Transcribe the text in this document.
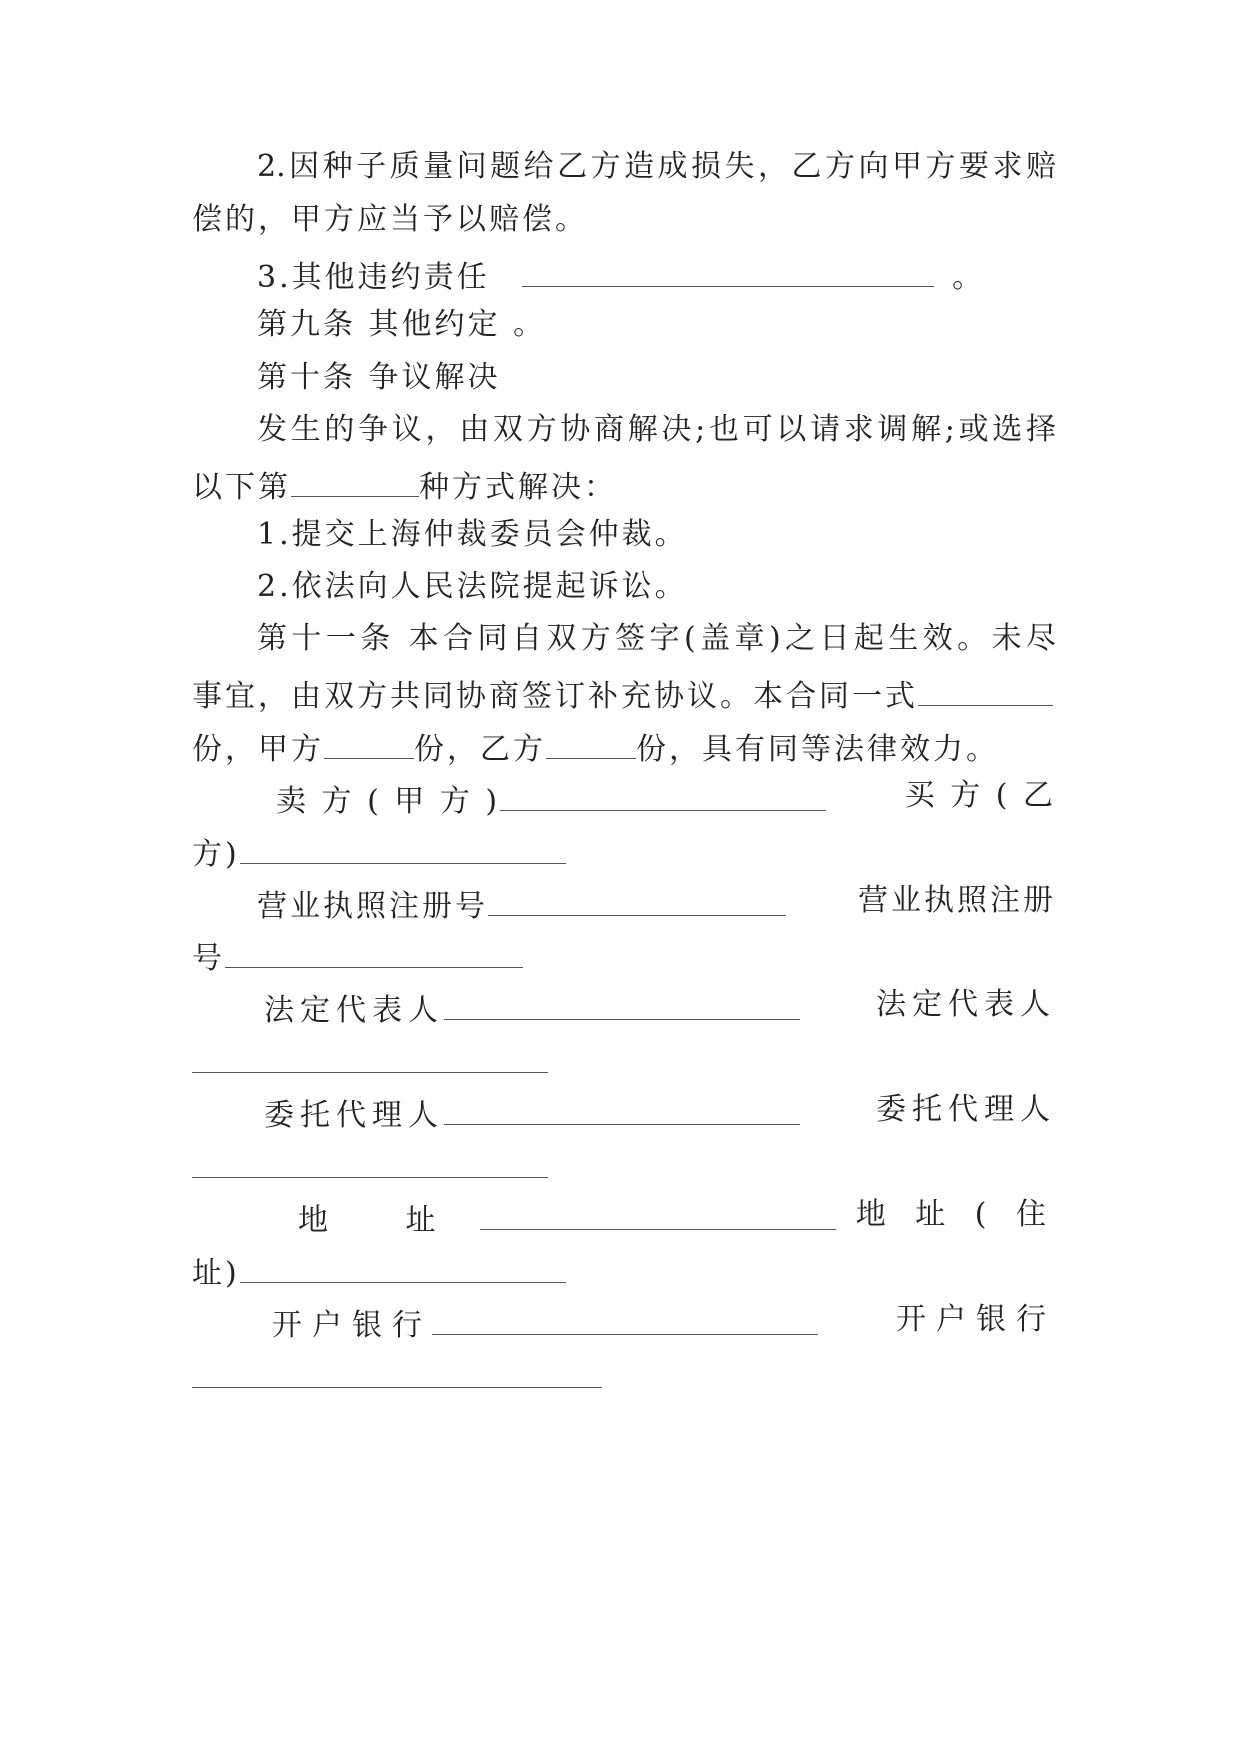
2.因种子质量问题给乙方造成损失，乙方向甲方要求赔
偿的，甲方应当予以赔偿。
3.其他违约责任	。
第九条 其他约定 。
第十条 争议解决
发生的争议，由双方协商解决;也可以请求调解;或选择
以下第	种方式解决：
1.提交上海仲裁委员会仲裁。
2.依法向人民法院提起诉讼。
第十一条 本合同自双方签字(盖章)之日起生效。未尽
事宜，由双方共同协商签订补充协议。本合同一式
份，甲方	份，乙方	份，具有同等法律效力。
卖 方 ( 甲 方 )	买 方 ( 乙
方)
营业执照注册号	营业执照注册
号
法定代表人	法定代表人
委托代理人	委托代理人
地 址	地 址 ( 住
址)
开户银行	开户银行
